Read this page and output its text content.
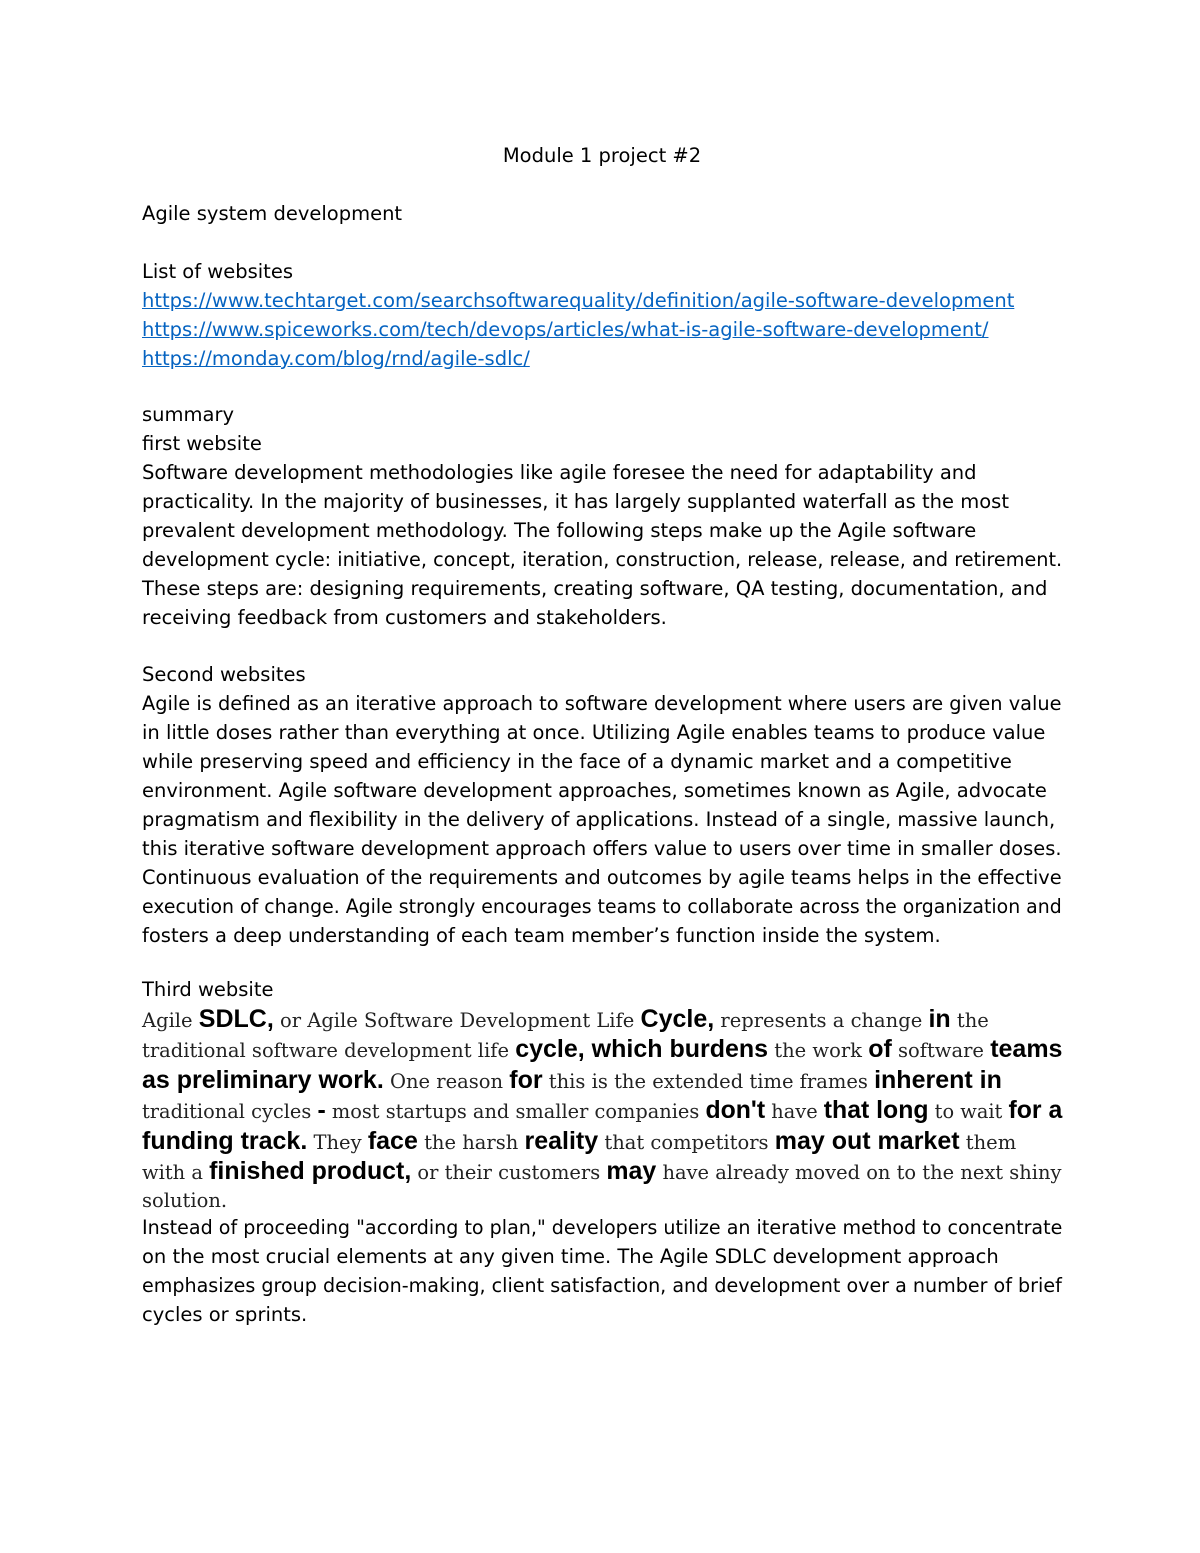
Module 1 project #2
Agile system development
List of websites
https://www.techtarget.com/searchsoftwarequality/definition/agile-software-development
https://www.spiceworks.com/tech/devops/articles/what-is-agile-software-development/
https://monday.com/blog/rnd/agile-sdlc/
summary
first website
Software development methodologies like agile foresee the need for adaptability and
practicality. In the majority of businesses, it has largely supplanted waterfall as the most
prevalent development methodology. The following steps make up the Agile software
development cycle: initiative, concept, iteration, construction, release, release, and retirement.
These steps are: designing requirements, creating software, QA testing, documentation, and
receiving feedback from customers and stakeholders.
Second websites
Agile is defined as an iterative approach to software development where users are given value
in little doses rather than everything at once. Utilizing Agile enables teams to produce value
while preserving speed and efficiency in the face of a dynamic market and a competitive
environment. Agile software development approaches, sometimes known as Agile, advocate
pragmatism and flexibility in the delivery of applications. Instead of a single, massive launch,
this iterative software development approach offers value to users over time in smaller doses.
Continuous evaluation of the requirements and outcomes by agile teams helps in the effective
execution of change. Agile strongly encourages teams to collaborate across the organization and
fosters a deep understanding of each team member’s function inside the system.
Third website
Agile SDLC, or Agile Software Development Life Cycle, represents a change in the
traditional software development life cycle, which burdens the work of software teams
as preliminary work. One reason for this is the extended time frames inherent in
traditional cycles - most startups and smaller companies don't have that long to wait for a
funding track. They face the harsh reality that competitors may out market them
with a finished product, or their customers may have already moved on to the next shiny
solution.
Instead of proceeding "according to plan," developers utilize an iterative method to concentrate
on the most crucial elements at any given time. The Agile SDLC development approach
emphasizes group decision-making, client satisfaction, and development over a number of brief
cycles or sprints.
